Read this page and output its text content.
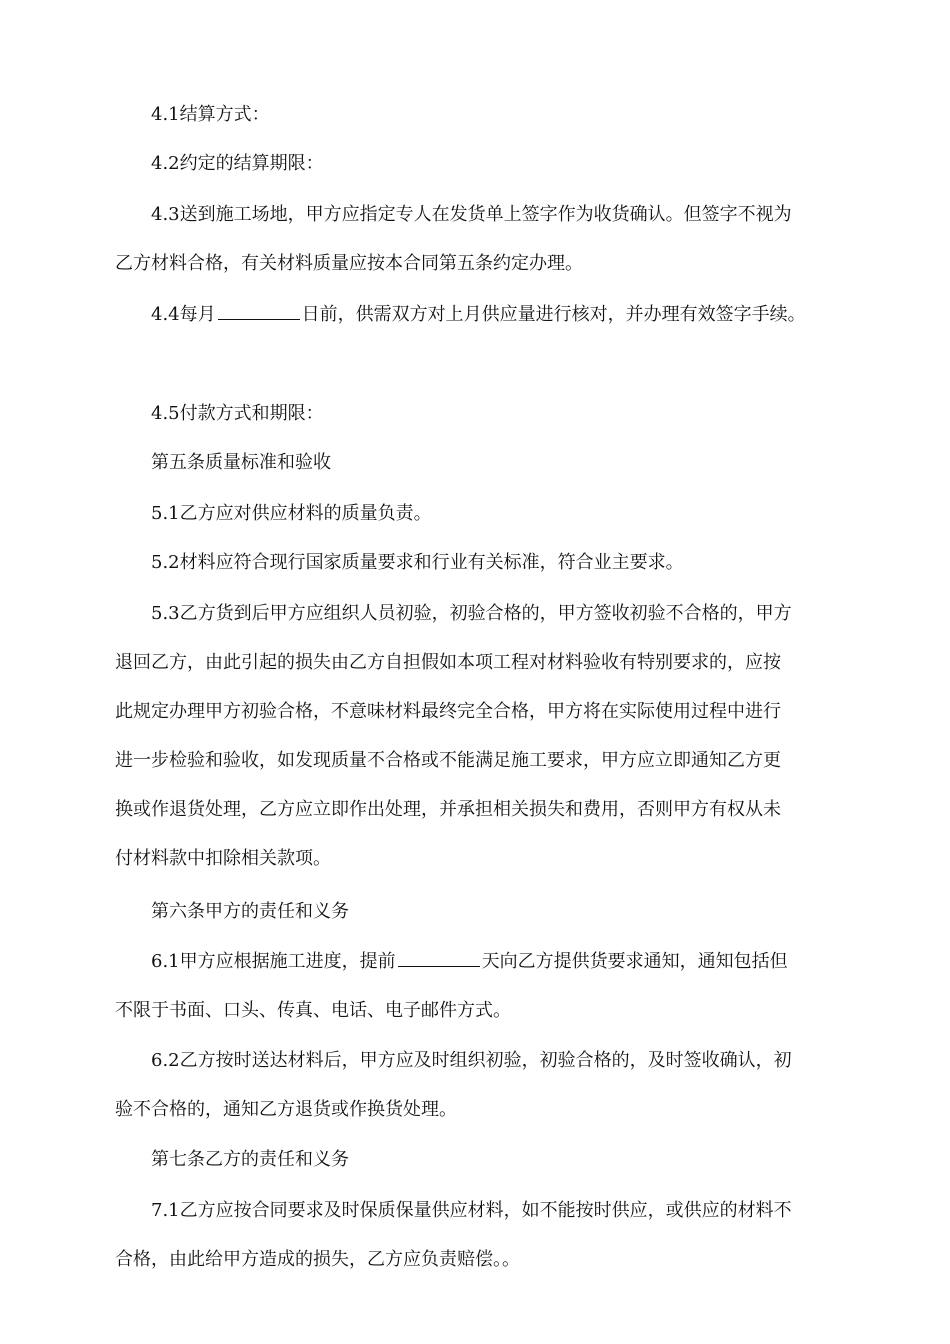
4.1结算方式：

4.2约定的结算期限：

4.3送到施工场地，甲方应指定专人在发货单上签字作为收货确认。但签字不视为
乙方材料合格，有关材料质量应按本合同第五条约定办理。
4.4每月	日前，供需双方对上月供应量进行核对，并办理有效签字手续。

4.5付款方式和期限：

第五条质量标准和验收

5.1乙方应对供应材料的质量负责。

5.2材料应符合现行国家质量要求和行业有关标准，符合业主要求。

5.3乙方货到后甲方应组织人员初验，初验合格的，甲方签收初验不合格的，甲方
退回乙方，由此引起的损失由乙方自担假如本项工程对材料验收有特别要求的，应按
此规定办理甲方初验合格，不意味材料最终完全合格，甲方将在实际使用过程中进行
进一步检验和验收，如发现质量不合格或不能满足施工要求，甲方应立即通知乙方更
换或作退货处理，乙方应立即作出处理，并承担相关损失和费用，否则甲方有权从未
付材料款中扣除相关款项。

第六条甲方的责任和义务

6.1甲方应根据施工进度，提前	天向乙方提供货要求通知，通知包括但
不限于书面、口头、传真、电话、电子邮件方式。
6.2乙方按时送达材料后，甲方应及时组织初验，初验合格的，及时签收确认，初
验不合格的，通知乙方退货或作换货处理。

第七条乙方的责任和义务

7.1乙方应按合同要求及时保质保量供应材料，如不能按时供应，或供应的材料不
合格，由此给甲方造成的损失，乙方应负责赔偿。。
